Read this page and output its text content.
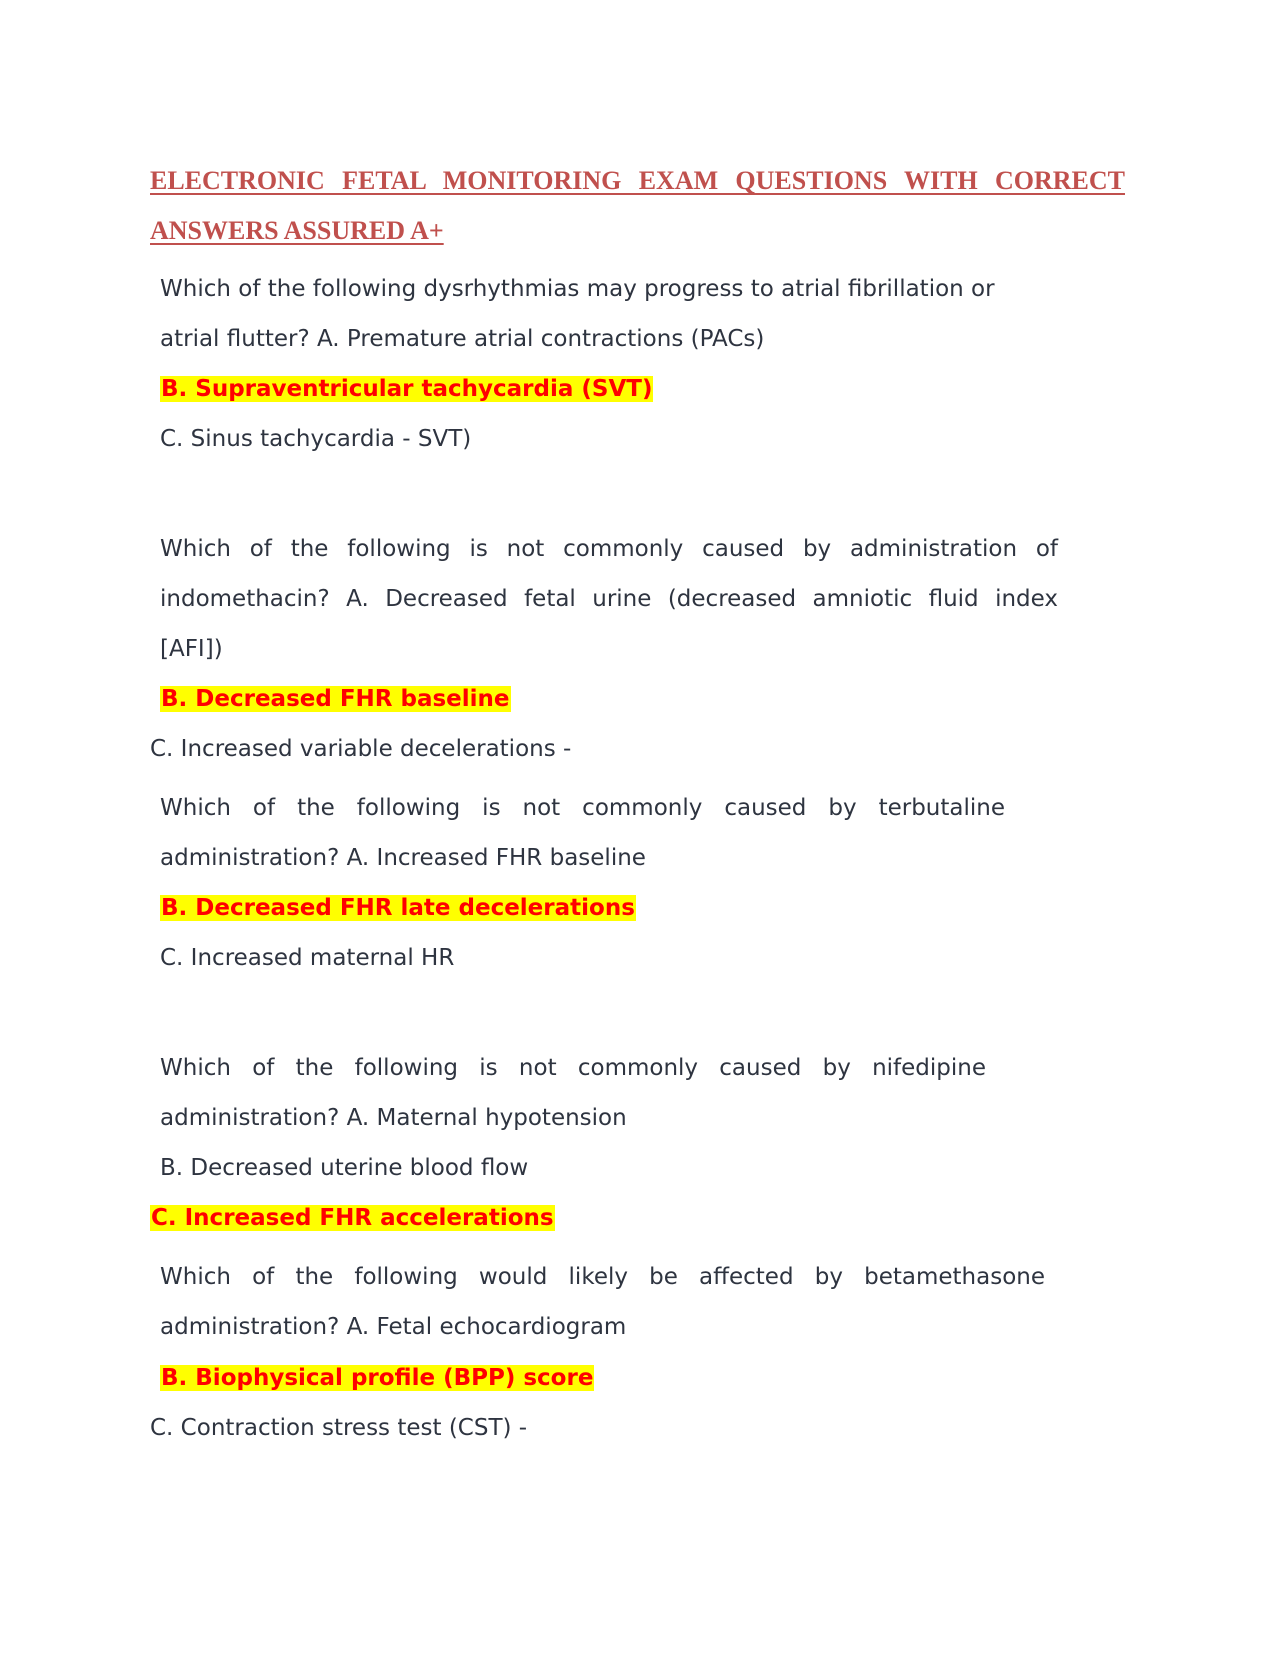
ELECTRONIC FETAL MONITORING EXAM QUESTIONS WITH CORRECT ANSWERS ASSURED A+

Which of the following dysrhythmias may progress to atrial fibrillation or

atrial flutter? A. Premature atrial contractions (PACs)

B. Supraventricular tachycardia (SVT)

C. Sinus tachycardia - SVT)

Which of the following is not commonly caused by administration of

indomethacin? A. Decreased fetal urine (decreased amniotic fluid index

[AFI])

B. Decreased FHR baseline

C. Increased variable decelerations -

Which of the following is not commonly caused by terbutaline

administration? A. Increased FHR baseline

B. Decreased FHR late decelerations

C. Increased maternal HR

Which of the following is not commonly caused by nifedipine

administration? A. Maternal hypotension

B. Decreased uterine blood flow

C. Increased FHR accelerations

Which of the following would likely be affected by betamethasone

administration? A. Fetal echocardiogram

B. Biophysical profile (BPP) score

C. Contraction stress test (CST) -
